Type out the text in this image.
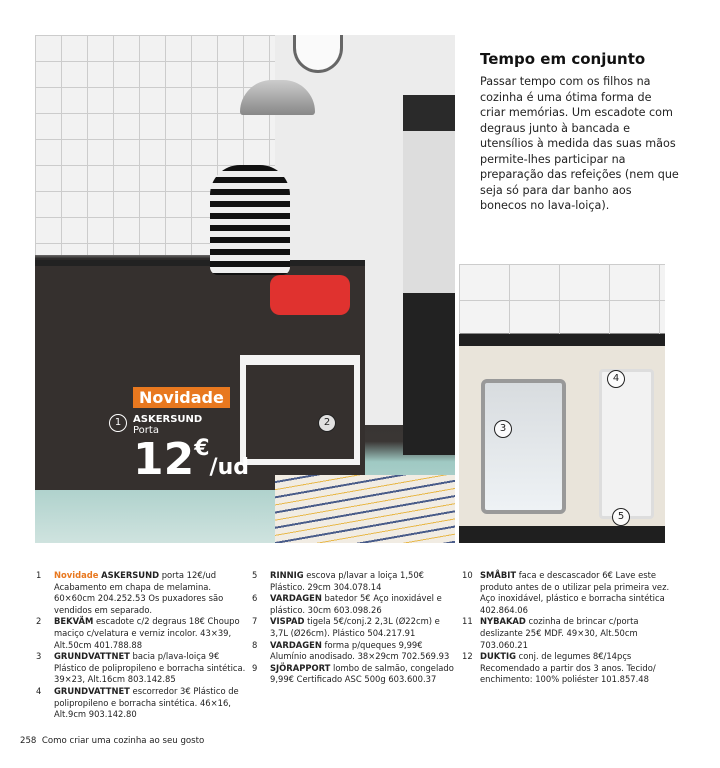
Novidade
ASKERSUND
Porta
12€/ud
1	2
3
4
5
Tempo em conjunto

Passar tempo com os filhos na cozinha é uma ótima forma de criar memórias. Um escadote com degraus junto à bancada e utensílios à medida das suas mãos permite-lhes participar na preparação das refeições (nem que seja só para dar banho aos bonecos no lava-loiça).

1	Novidade ASKERSUND porta 12€/ud Acabamento em chapa de melamina. 60×60cm 204.252.53 Os puxadores são vendidos em separado.
2	BEKVÄM escadote c/2 degraus 18€ Choupo maciço c/velatura e verniz incolor. 43×39, Alt.50cm 401.788.88
3	GRUNDVATTNET bacia p/lava-loiça 9€ Plástico de polipropileno e borracha sintética. 39×23, Alt.16cm 803.142.85
4	GRUNDVATTNET escorredor 3€ Plástico de polipropileno e borracha sintética. 46×16, Alt.9cm 903.142.80
5	RINNIG escova p/lavar a loiça 1,50€ Plástico. 29cm 304.078.14
6	VARDAGEN batedor 5€ Aço inoxidável e plástico. 30cm 603.098.26
7	VISPAD tigela 5€/conj.2 2,3L (Ø22cm) e 3,7L (Ø26cm). Plástico 504.217.91
8	VARDAGEN forma p/queques 9,99€ Alumínio anodisado. 38×29cm 702.569.93
9	SJÖRAPPORT lombo de salmão, congelado 9,99€ Certificado ASC 500g 603.600.37
10 SMÅBIT faca e descascador 6€ Lave este produto antes de o utilizar pela primeira vez. Aço inoxidável, plástico e borracha sintética 402.864.06
11 NYBAKAD cozinha de brincar c/porta deslizante 25€ MDF. 49×30, Alt.50cm 703.060.21
12 DUKTIG conj. de legumes 8€/14pçs Recomendado a partir dos 3 anos. Tecido/ enchimento: 100% poliéster 101.857.48
258 Como criar uma cozinha ao seu gosto
